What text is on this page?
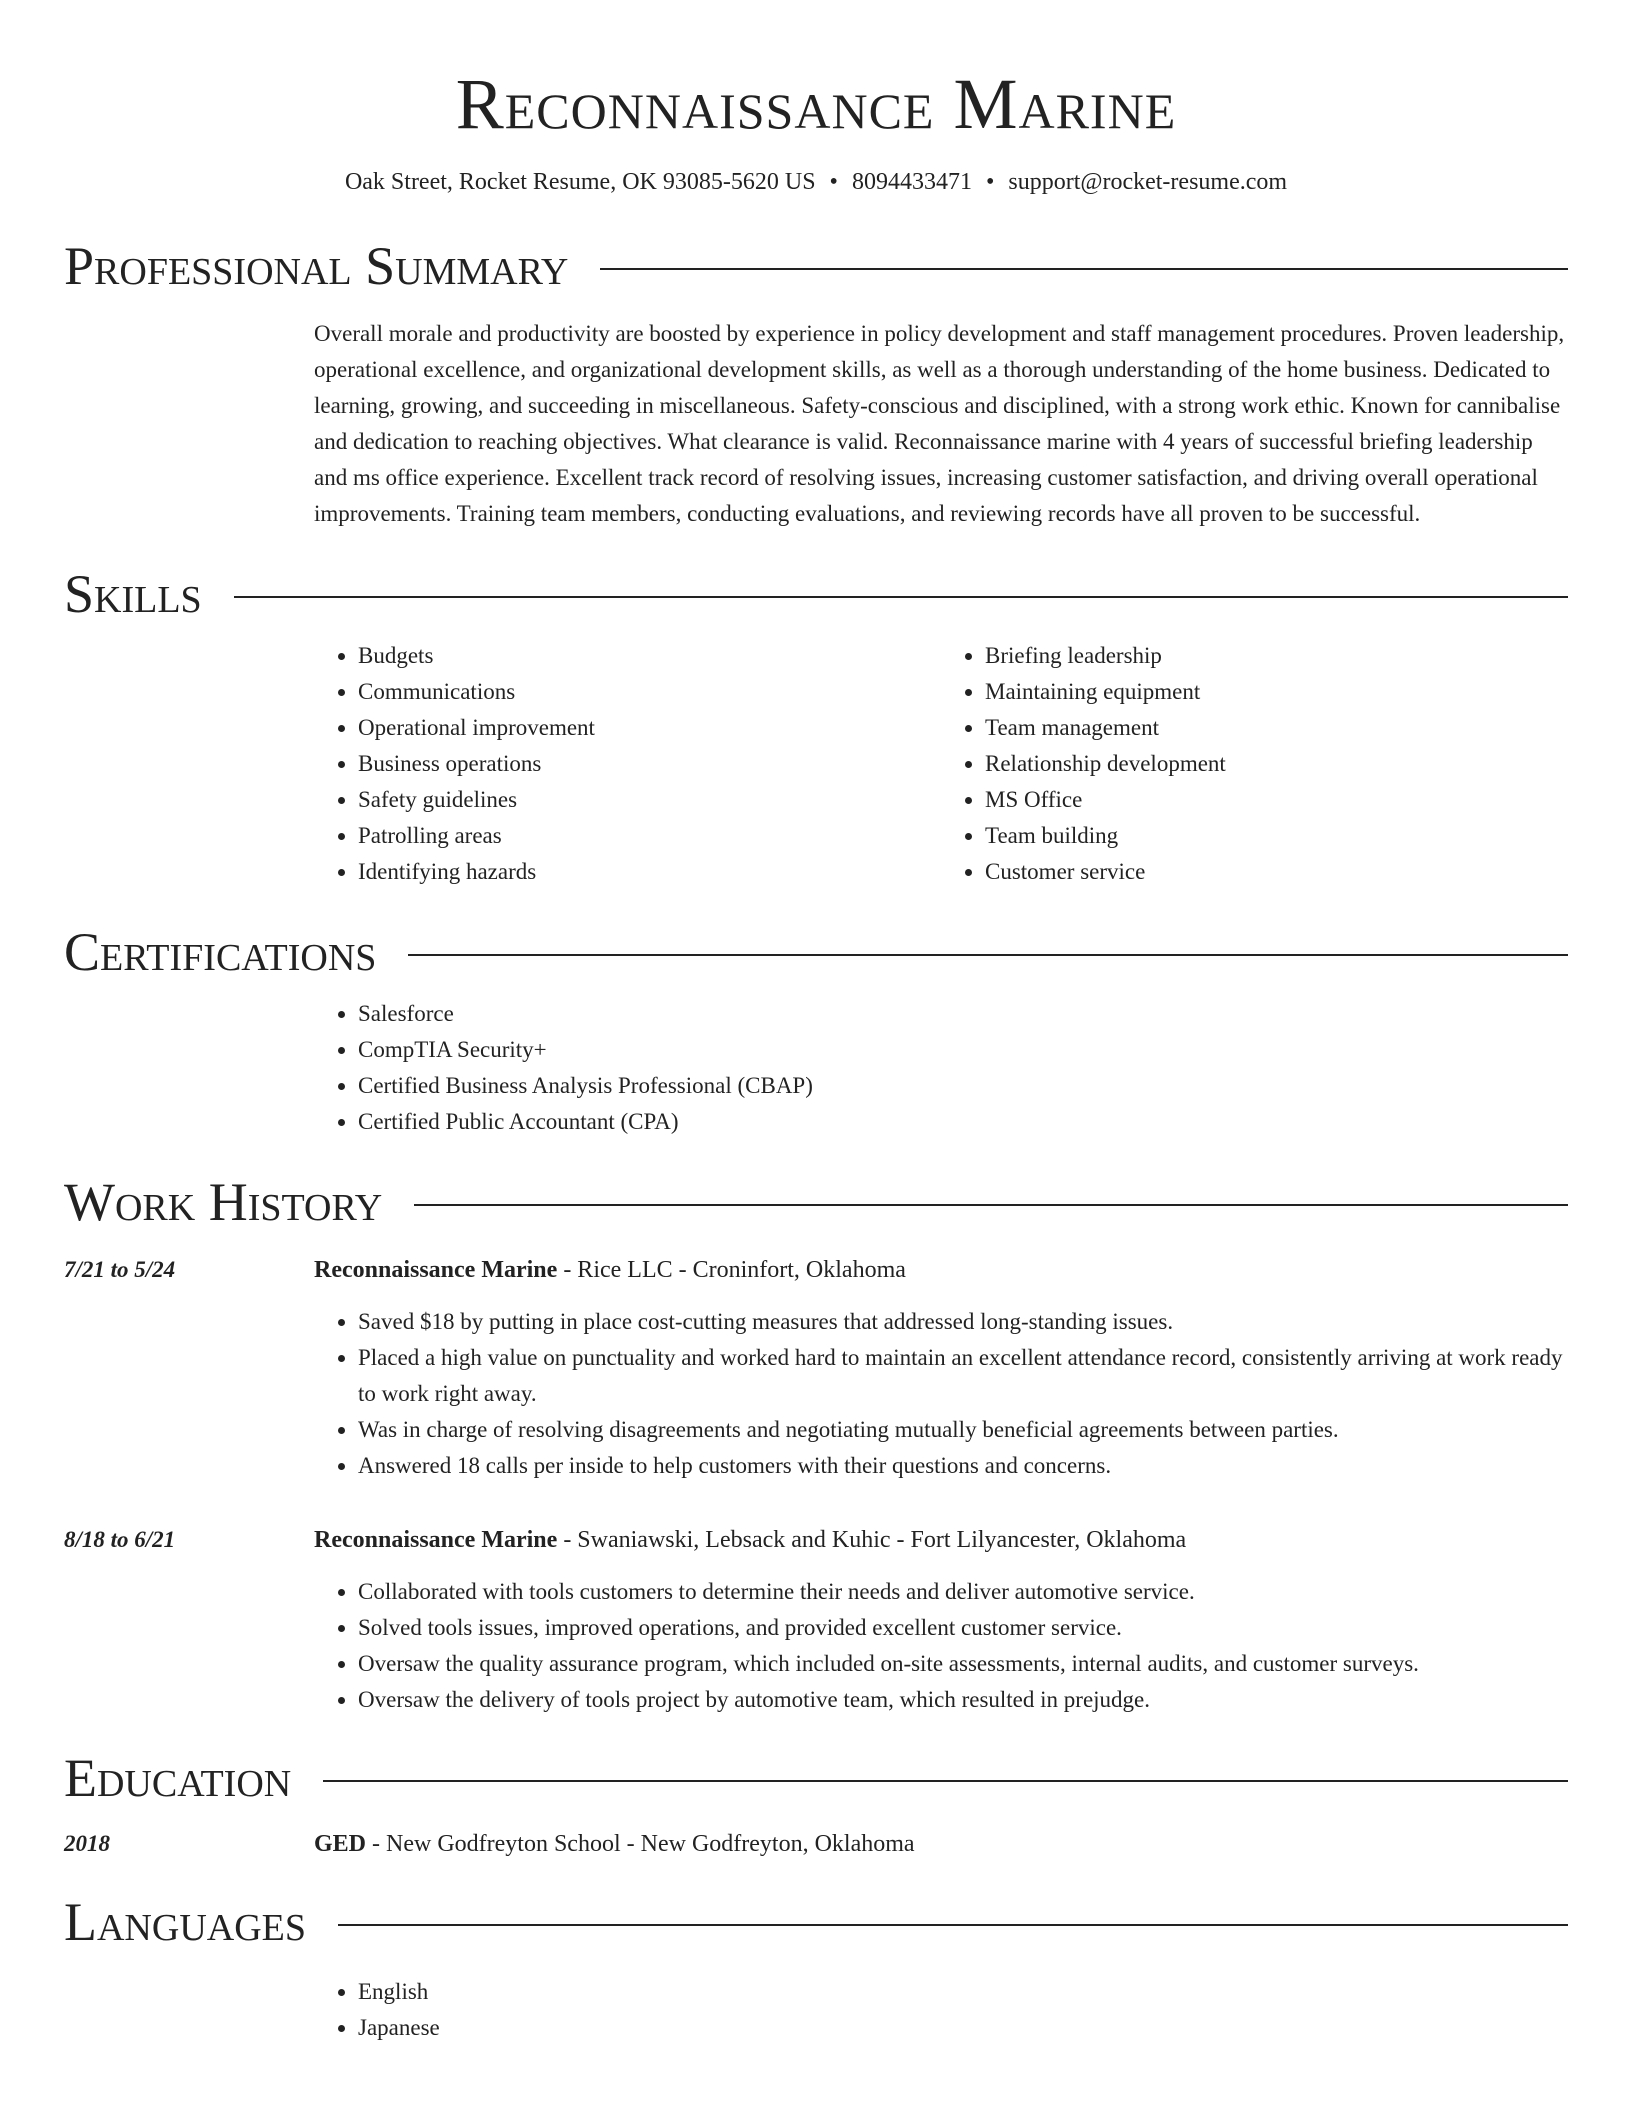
Reconnaissance Marine
Oak Street, Rocket Resume, OK 93085-5620 US • 8094433471 • support@rocket-resume.com
Professional Summary
Overall morale and productivity are boosted by experience in policy development and staff management procedures. Proven leadership, operational excellence, and organizational development skills, as well as a thorough understanding of the home business. Dedicated to learning, growing, and succeeding in miscellaneous. Safety-conscious and disciplined, with a strong work ethic. Known for cannibalise and dedication to reaching objectives. What clearance is valid. Reconnaissance marine with 4 years of successful briefing leadership and ms office experience. Excellent track record of resolving issues, increasing customer satisfaction, and driving overall operational improvements. Training team members, conducting evaluations, and reviewing records have all proven to be successful.
Skills
• Budgets
• Communications
• Operational improvement
• Business operations
• Safety guidelines
• Patrolling areas
• Identifying hazards
• Briefing leadership
• Maintaining equipment
• Team management
• Relationship development
• MS Office
• Team building
• Customer service
Certifications
• Salesforce
• CompTIA Security+
• Certified Business Analysis Professional (CBAP)
• Certified Public Accountant (CPA)
Work History
7/21 to 5/24	Reconnaissance Marine - Rice LLC - Croninfort, Oklahoma
• Saved $18 by putting in place cost-cutting measures that addressed long-standing issues.
• Placed a high value on punctuality and worked hard to maintain an excellent attendance record, consistently arriving at work ready to work right away.
• Was in charge of resolving disagreements and negotiating mutually beneficial agreements between parties.
• Answered 18 calls per inside to help customers with their questions and concerns.
8/18 to 6/21	Reconnaissance Marine - Swaniawski, Lebsack and Kuhic - Fort Lilyancester, Oklahoma
• Collaborated with tools customers to determine their needs and deliver automotive service.
• Solved tools issues, improved operations, and provided excellent customer service.
• Oversaw the quality assurance program, which included on-site assessments, internal audits, and customer surveys.
• Oversaw the delivery of tools project by automotive team, which resulted in prejudge.
Education
2018	GED - New Godfreyton School - New Godfreyton, Oklahoma
Languages
• English
• Japanese
